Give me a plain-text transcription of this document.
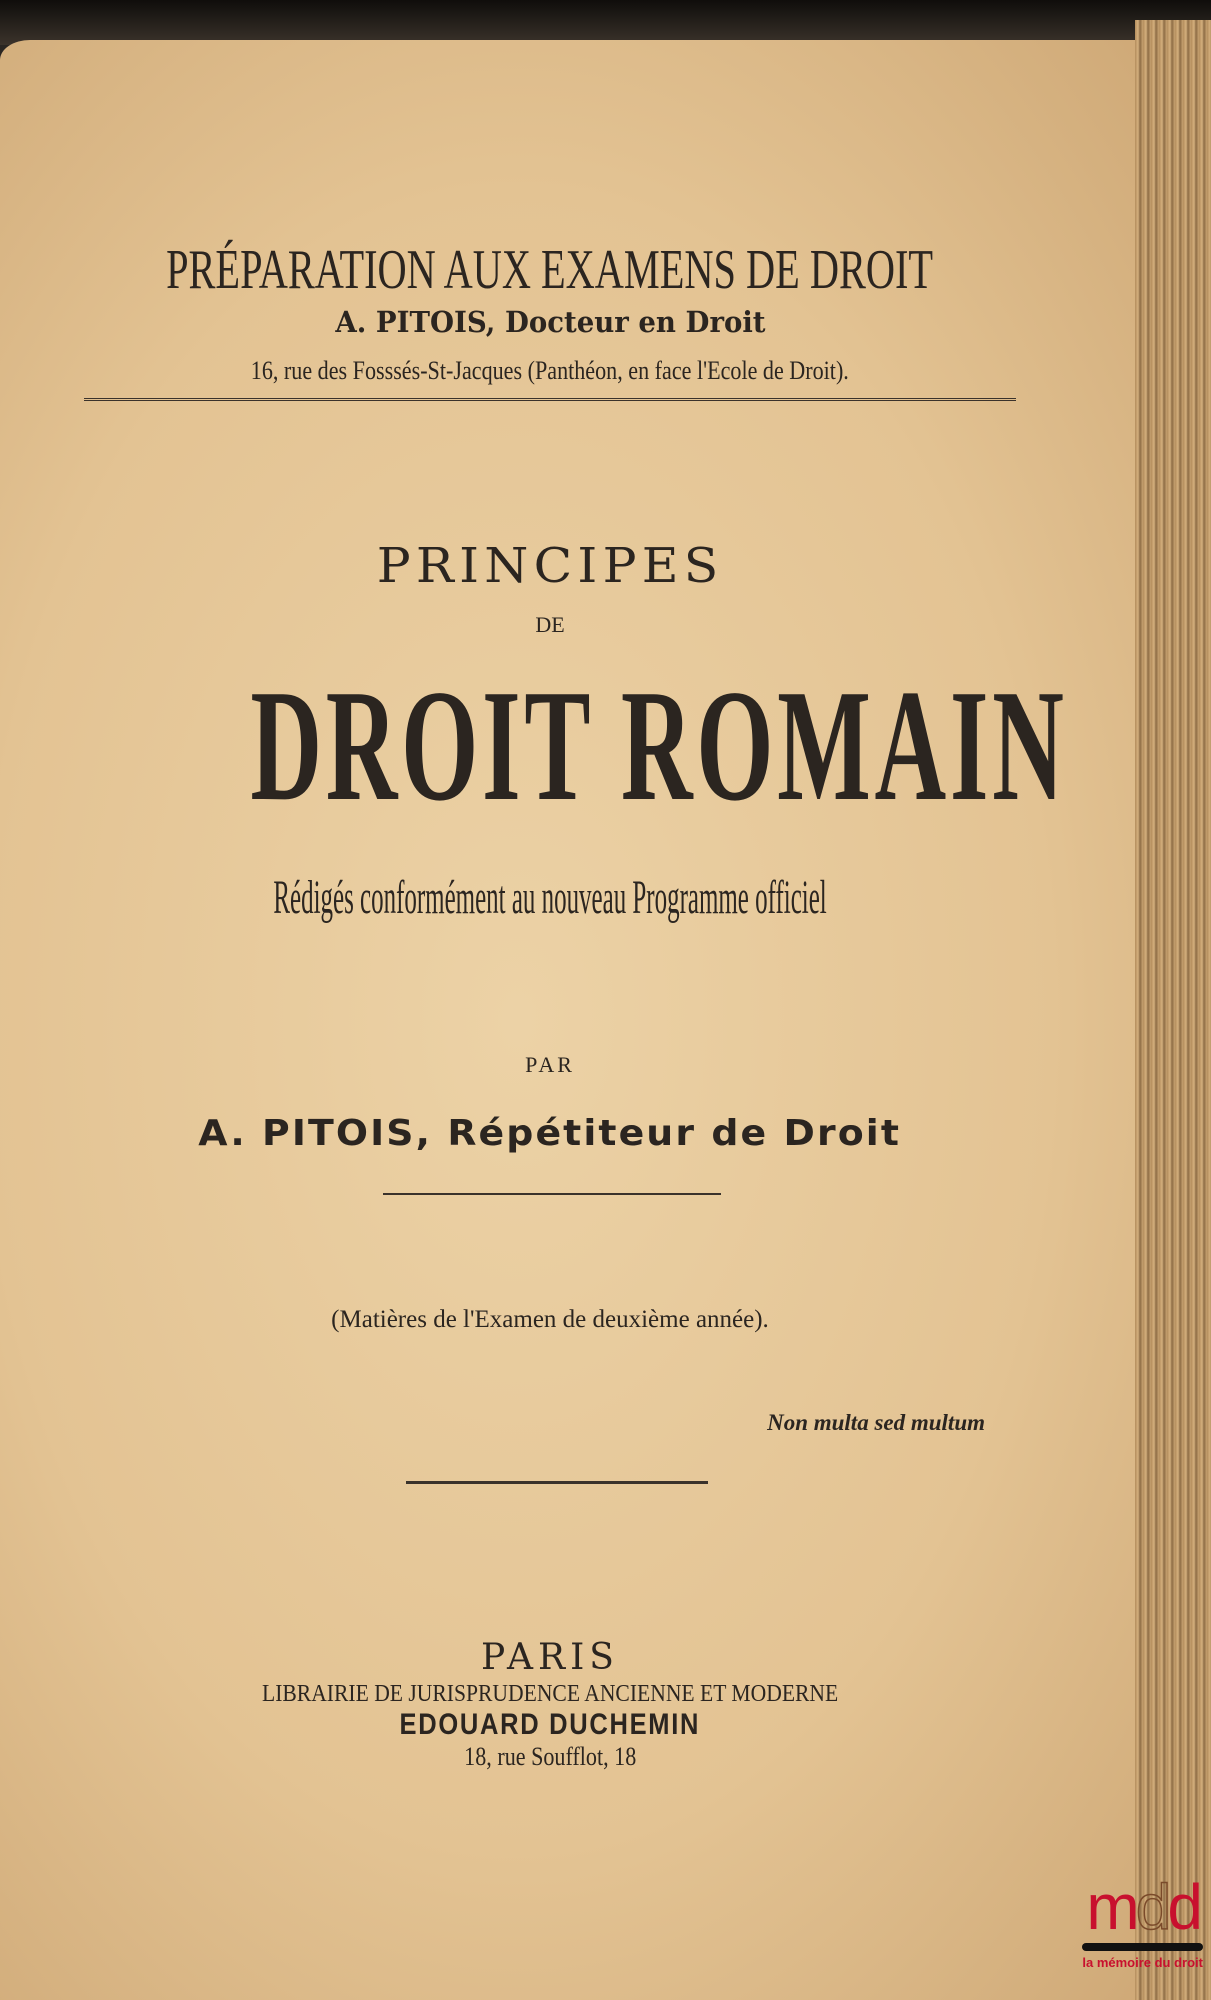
PRÉPARATION AUX EXAMENS DE DROIT
A. PITOIS, Docteur en Droit
16, rue des Fosssés-St-Jacques (Panthéon, en face l'Ecole de Droit).
PRINCIPES
DE
DROIT ROMAIN
Rédigés conformément au nouveau Programme officiel
PAR
A. PITOIS, Répétiteur de Droit
(Matières de l'Examen de deuxième année).
Non multa sed multum
PARIS
LIBRAIRIE DE JURISPRUDENCE ANCIENNE ET MODERNE
EDOUARD DUCHEMIN
18, rue Soufflot, 18
mdd
la mémoire du droit
